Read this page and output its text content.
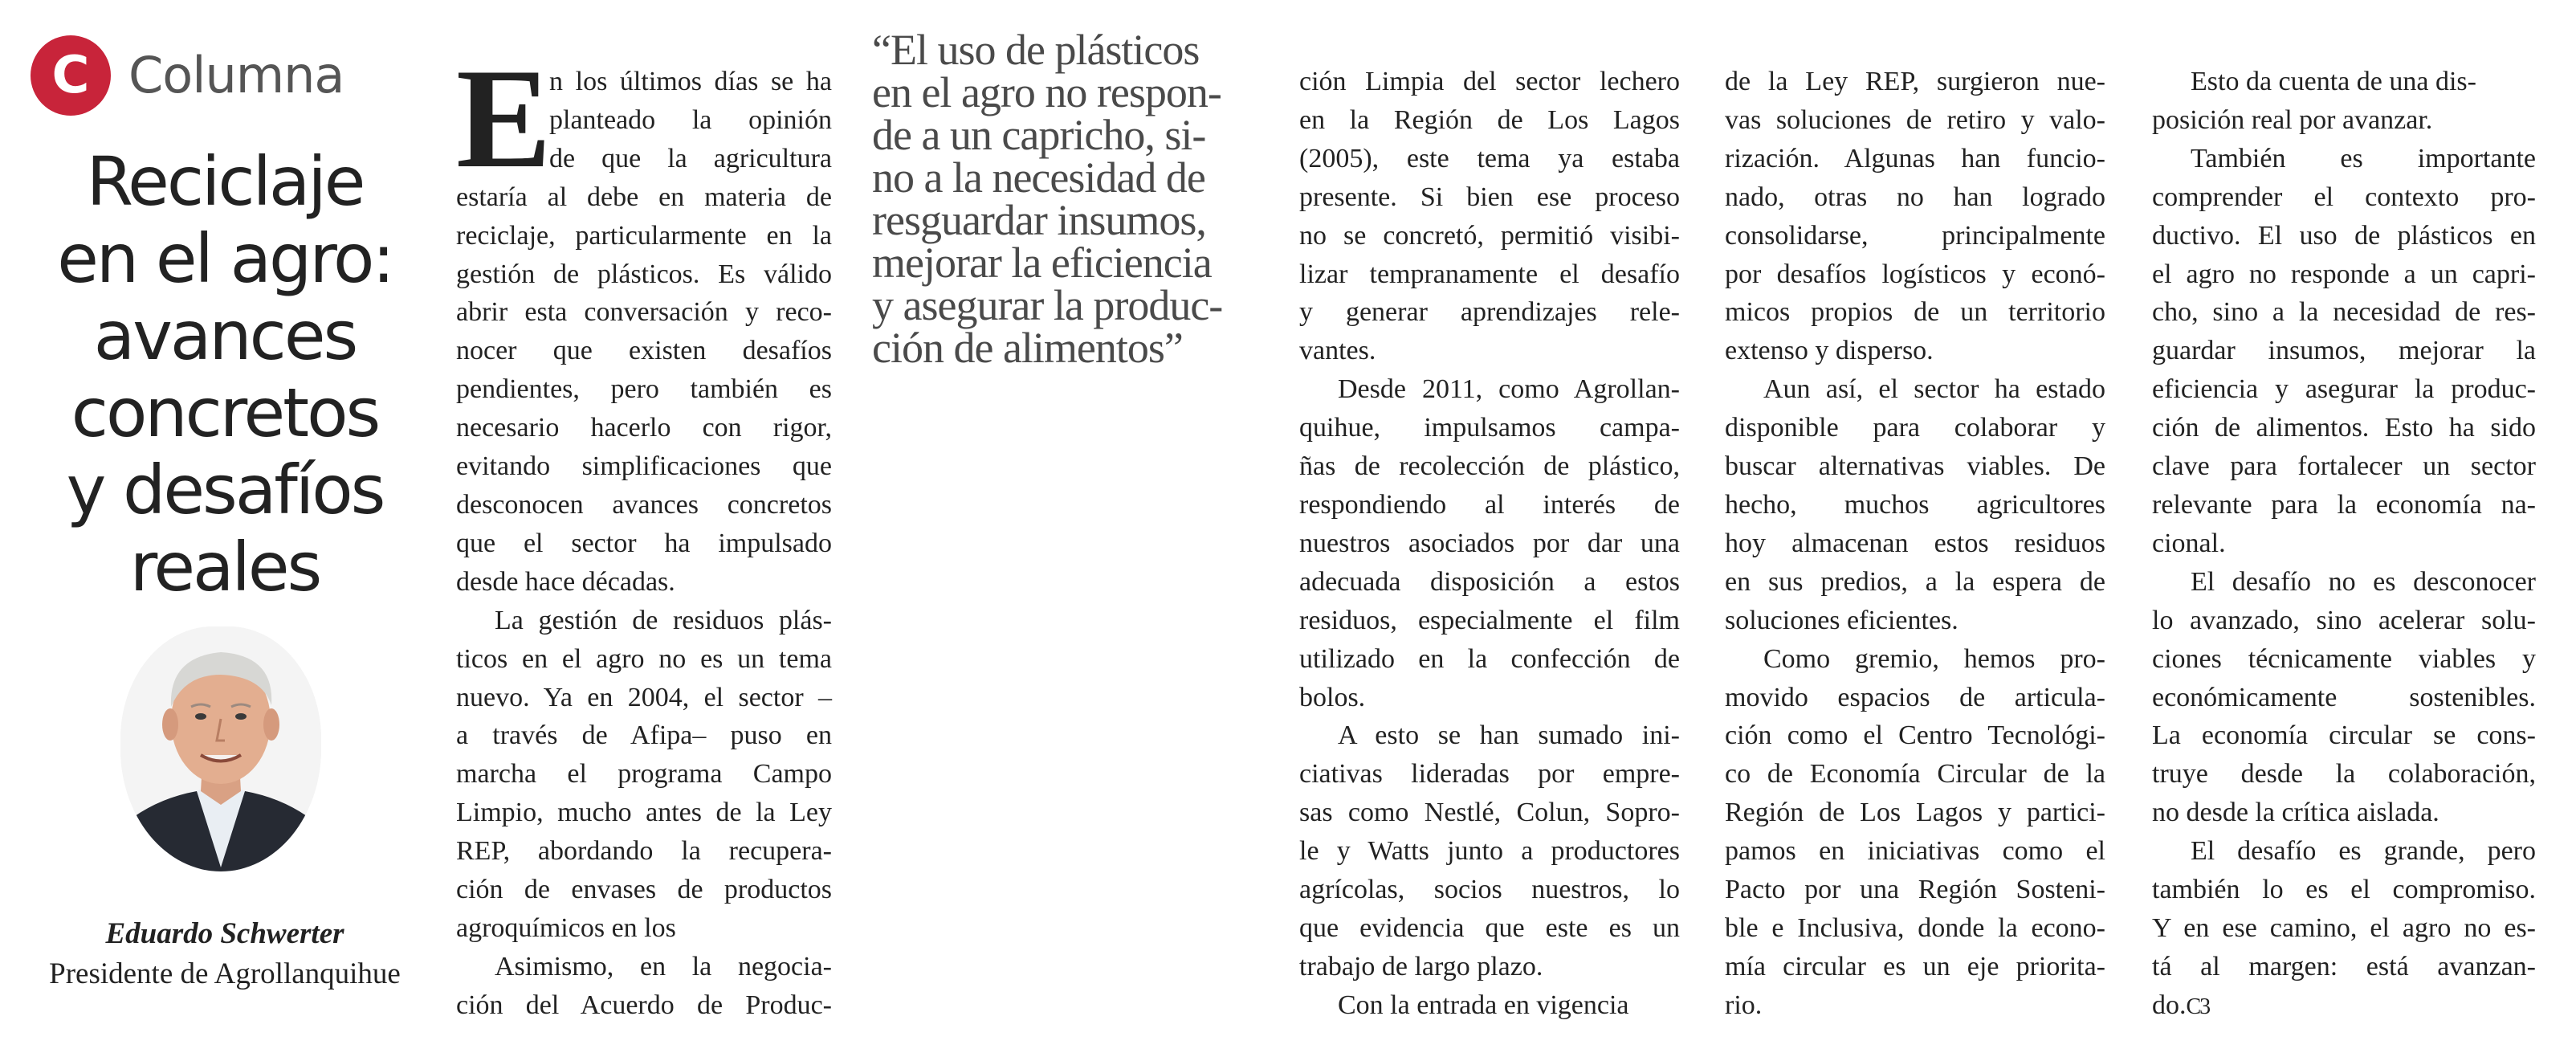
C Columna
Reciclaje
en el agro:
avances
concretos
y desafíos
reales
Eduardo Schwerter
Presidente de Agrollanquihue
E
n los últimos días se ha
planteado la opinión
de que la agricultura
estaría al debe en materia de
reciclaje, particularmente en la
gestión de plásticos. Es válido
abrir esta conversación y reco-
nocer que existen desafíos
pendientes, pero también es
necesario hacerlo con rigor,
evitando simplificaciones que
desconocen avances concretos
que el sector ha impulsado
desde hace décadas.
La gestión de residuos plás-
ticos en el agro no es un tema
nuevo. Ya en 2004, el sector –
a través de Afipa– puso en
marcha el programa Campo
Limpio, mucho antes de la Ley
REP, abordando la recupera-
ción de envases de productos
agroquímicos en los
Asimismo, en la negocia-
ción del Acuerdo de Produc-
“El uso de plásticos
en el agro no respon-
de a un capricho, si-
no a la necesidad de
resguardar insumos,
mejorar la eficiencia
y asegurar la produc-
ción de alimentos”
ción Limpia del sector lechero
en la Región de Los Lagos
(2005), este tema ya estaba
presente. Si bien ese proceso
no se concretó, permitió visibi-
lizar tempranamente el desafío
y generar aprendizajes rele-
vantes.
Desde 2011, como Agrollan-
quihue, impulsamos campa-
ñas de recolección de plástico,
respondiendo al interés de
nuestros asociados por dar una
adecuada disposición a estos
residuos, especialmente el film
utilizado en la confección de
bolos.
A esto se han sumado ini-
ciativas lideradas por empre-
sas como Nestlé, Colun, Sopro-
le y Watts junto a productores
agrícolas, socios nuestros, lo
que evidencia que este es un
trabajo de largo plazo.
Con la entrada en vigencia
de la Ley REP, surgieron nue-
vas soluciones de retiro y valo-
rización. Algunas han funcio-
nado, otras no han logrado
consolidarse, principalmente
por desafíos logísticos y econó-
micos propios de un territorio
extenso y disperso.
Aun así, el sector ha estado
disponible para colaborar y
buscar alternativas viables. De
hecho, muchos agricultores
hoy almacenan estos residuos
en sus predios, a la espera de
soluciones eficientes.
Como gremio, hemos pro-
movido espacios de articula-
ción como el Centro Tecnológi-
co de Economía Circular de la
Región de Los Lagos y partici-
pamos en iniciativas como el
Pacto por una Región Sosteni-
ble e Inclusiva, donde la econo-
mía circular es un eje priorita-
rio.
Esto da cuenta de una dis-
posición real por avanzar.
También es importante
comprender el contexto pro-
ductivo. El uso de plásticos en
el agro no responde a un capri-
cho, sino a la necesidad de res-
guardar insumos, mejorar la
eficiencia y asegurar la produc-
ción de alimentos. Esto ha sido
clave para fortalecer un sector
relevante para la economía na-
cional.
El desafío no es desconocer
lo avanzado, sino acelerar solu-
ciones técnicamente viables y
económicamente sostenibles.
La economía circular se cons-
truye desde la colaboración,
no desde la crítica aislada.
El desafío es grande, pero
también lo es el compromiso.
Y en ese camino, el agro no es-
tá al margen: está avanzan-
do.C3
